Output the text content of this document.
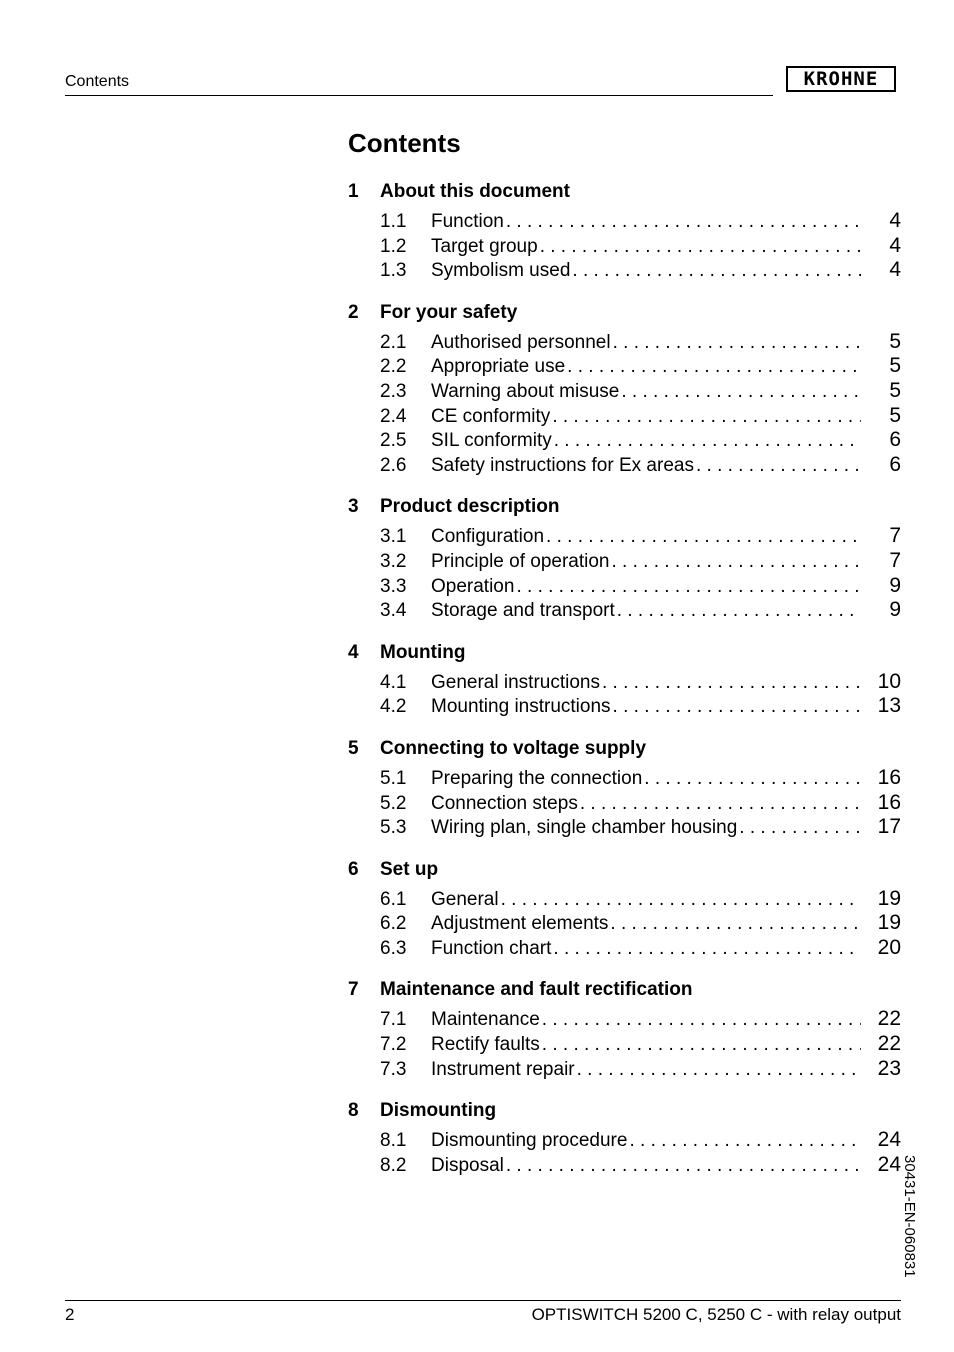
Contents	KROHNE
Contents
1	About this document
1.1	Function . . .	4
1.2	Target group . . .	4
1.3	Symbolism used . . .	4
2	For your safety
2.1	Authorised personnel . . .	5
2.2	Appropriate use . . .	5
2.3	Warning about misuse . . .	5
2.4	CE conformity . . .	5
2.5	SIL conformity . . .	6
2.6	Safety instructions for Ex areas . . .	6
3	Product description
3.1	Configuration . . .	7
3.2	Principle of operation . . .	7
3.3	Operation . . .	9
3.4	Storage and transport . . .	9
4	Mounting
4.1	General instructions . . .	10
4.2	Mounting instructions . . .	13
5	Connecting to voltage supply
5.1	Preparing the connection . . .	16
5.2	Connection steps . . .	16
5.3	Wiring plan, single chamber housing . . .	17
6	Set up
6.1	General . . .	19
6.2	Adjustment elements . . .	19
6.3	Function chart . . .	20
7	Maintenance and fault rectification
7.1	Maintenance . . .	22
7.2	Rectify faults . . .	22
7.3	Instrument repair . . .	23
8	Dismounting
8.1	Dismounting procedure . . .	24
8.2	Disposal . . .	24 30431-EN-060831
2	OPTISWITCH 5200 C, 5250 C - with relay output
